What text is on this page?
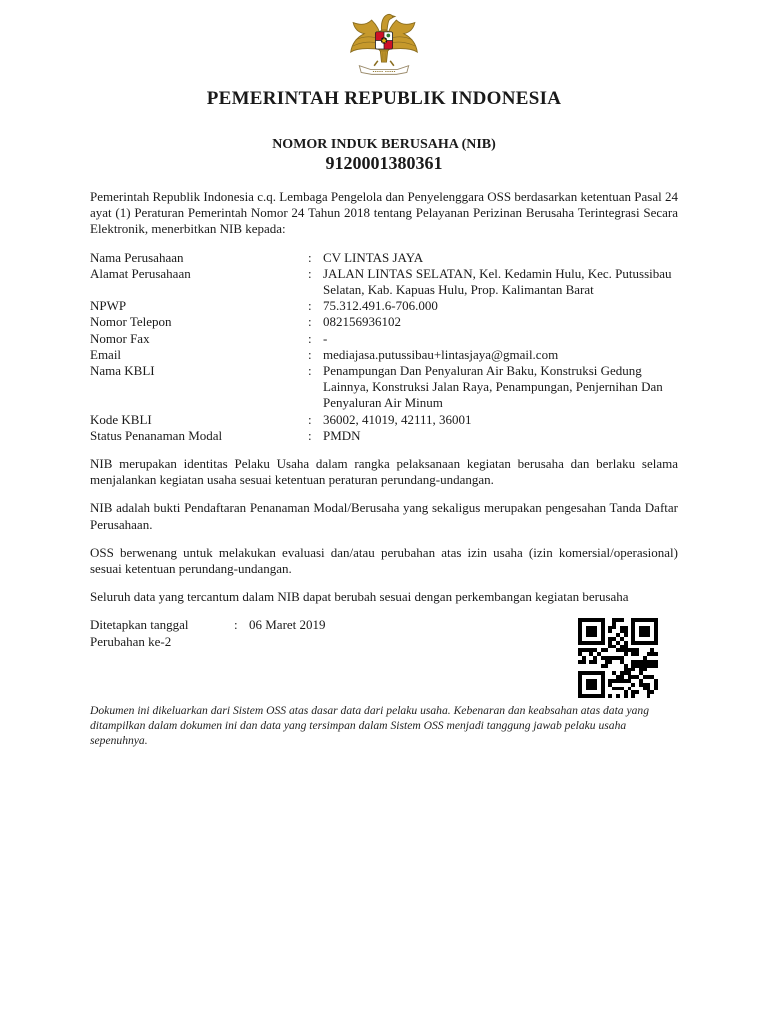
PEMERINTAH REPUBLIK INDONESIA
NOMOR INDUK BERUSAHA (NIB)
9120001380361

Pemerintah Republik Indonesia c.q. Lembaga Pengelola dan Penyelenggara OSS berdasarkan ketentuan Pasal 24 ayat (1) Peraturan Pemerintah Nomor 24 Tahun 2018 tentang Pelayanan Perizinan Berusaha Terintegrasi Secara Elektronik, menerbitkan NIB kepada:

Nama Perusahaan	: CV LINTAS JAYA
Alamat Perusahaan	: JALAN LINTAS SELATAN, Kel. Kedamin Hulu, Kec. Putussibau Selatan, Kab. Kapuas Hulu, Prop. Kalimantan Barat
NPWP	: 75.312.491.6-706.000
Nomor Telepon	: 082156936102
Nomor Fax	: -
Email	: mediajasa.putussibau+lintasjaya@gmail.com
Nama KBLI	: Penampungan Dan Penyaluran Air Baku, Konstruksi Gedung Lainnya, Konstruksi Jalan Raya, Penampungan, Penjernihan Dan Penyaluran Air Minum
Kode KBLI	: 36002, 41019, 42111, 36001
Status Penanaman Modal	: PMDN

NIB merupakan identitas Pelaku Usaha dalam rangka pelaksanaan kegiatan berusaha dan berlaku selama menjalankan kegiatan usaha sesuai ketentuan peraturan perundang-undangan.

NIB adalah bukti Pendaftaran Penanaman Modal/Berusaha yang sekaligus merupakan pengesahan Tanda Daftar Perusahaan.

OSS berwenang untuk melakukan evaluasi dan/atau perubahan atas izin usaha (izin komersial/operasional) sesuai ketentuan perundang-undangan.

Seluruh data yang tercantum dalam NIB dapat berubah sesuai dengan perkembangan kegiatan berusaha

Ditetapkan tanggal	: 06 Maret 2019
Perubahan ke-2
Dokumen ini dikeluarkan dari Sistem OSS atas dasar data dari pelaku usaha. Kebenaran dan keabsahan atas data yang ditampilkan dalam dokumen ini dan data yang tersimpan dalam Sistem OSS menjadi tanggung jawab pelaku usaha sepenuhnya.
